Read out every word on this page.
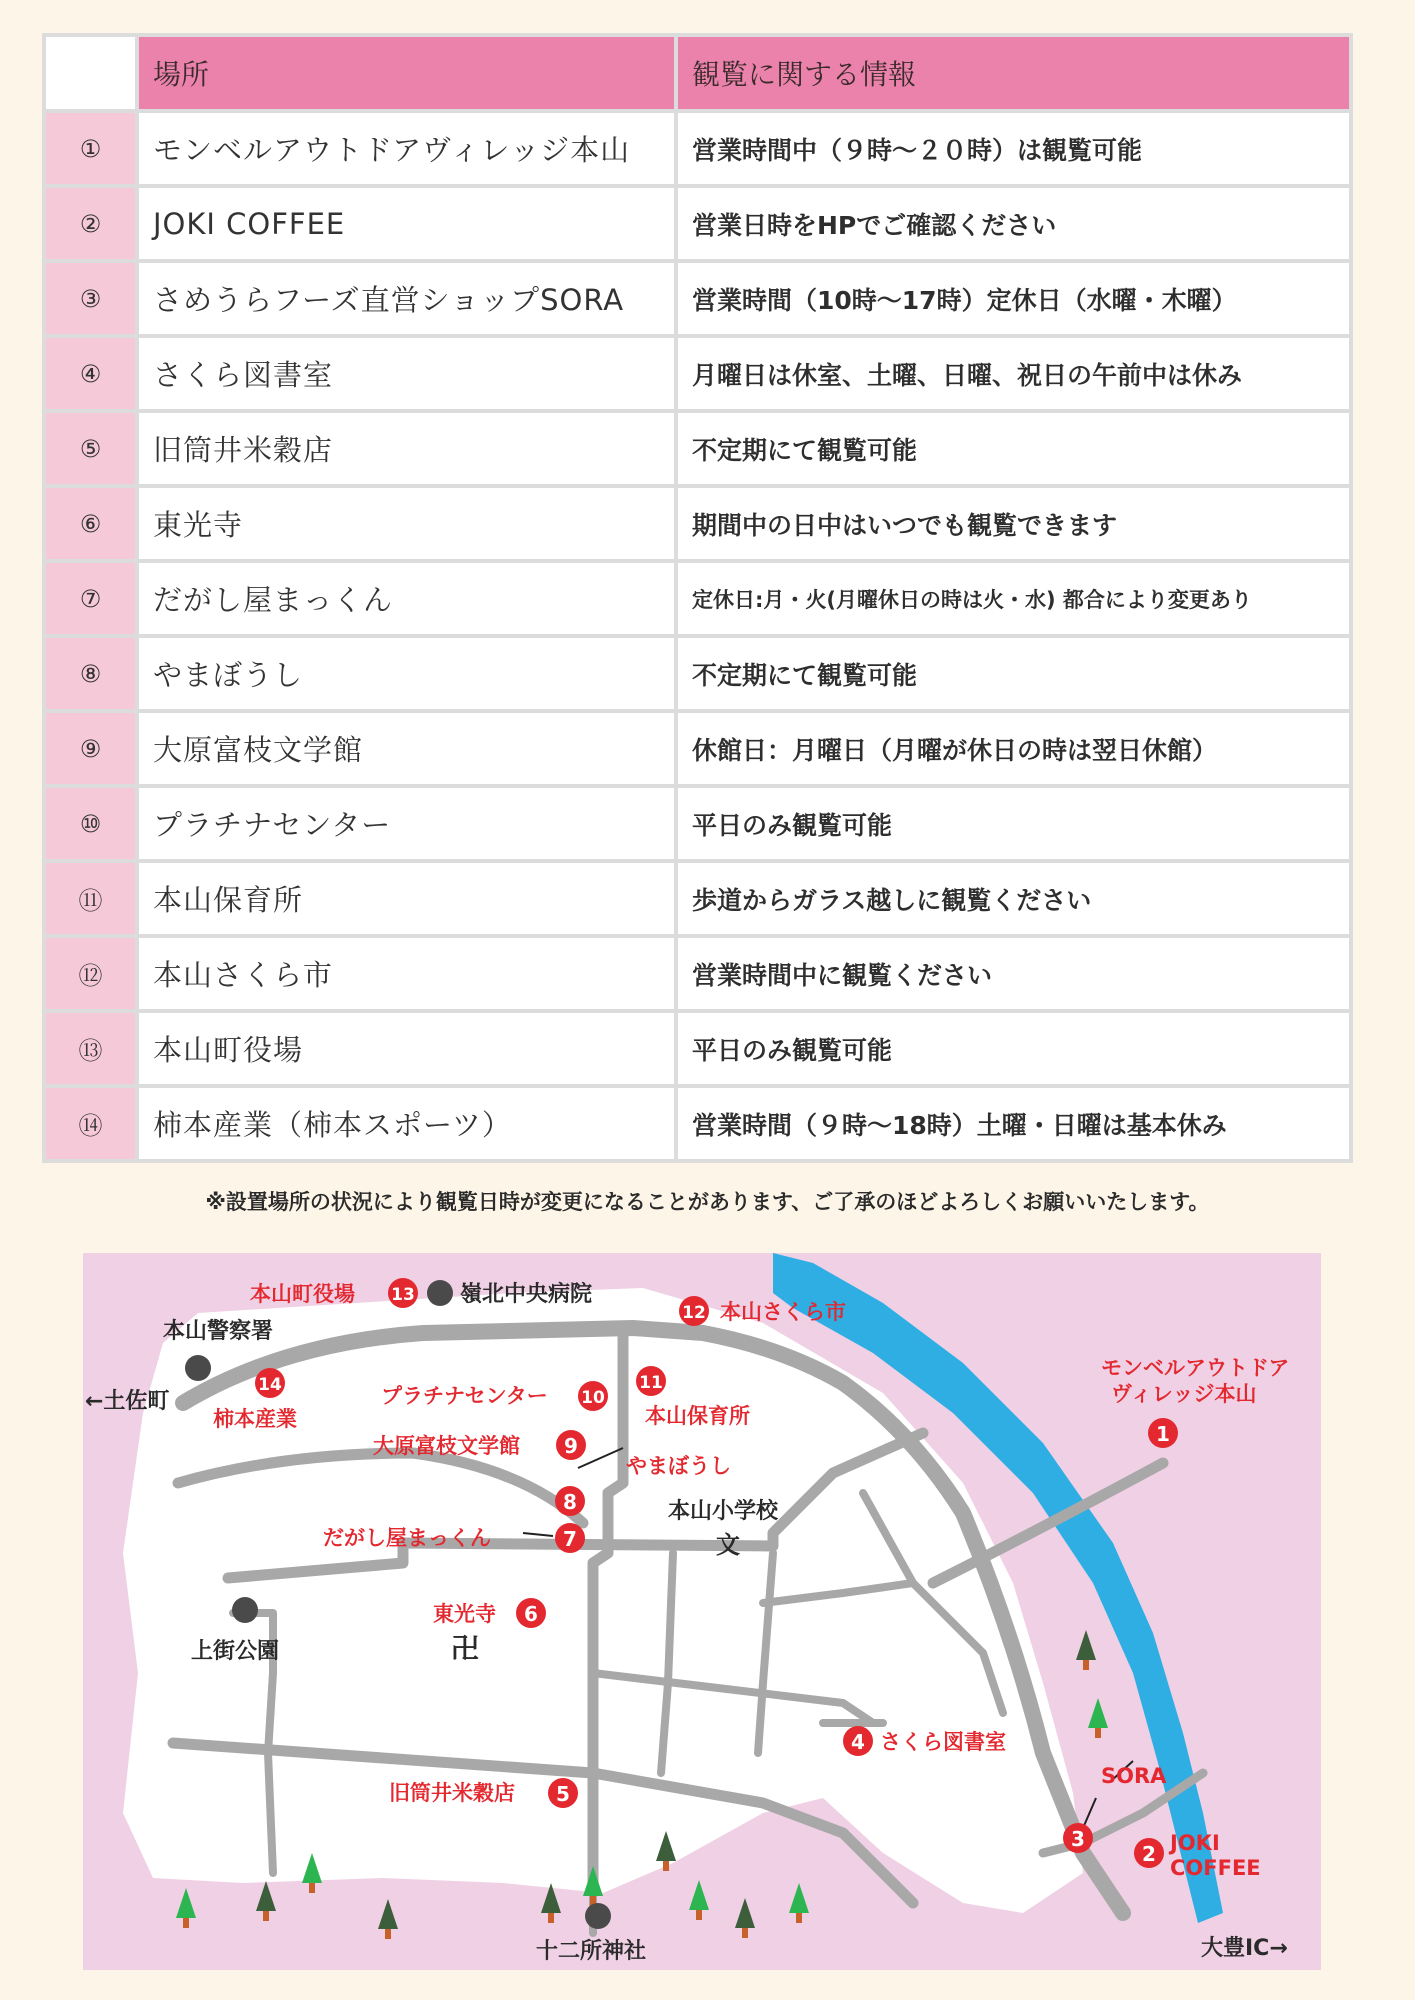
	場所	観覧に関する情報
①	モンベルアウトドアヴィレッジ本山	営業時間中（９時～２０時）は観覧可能
②	JOKI COFFEE	営業日時をHPでご確認ください
③	さめうらフーズ直営ショップSORA	営業時間（10時～17時）定休日（水曜・木曜）
④	さくら図書室	月曜日は休室、土曜、日曜、祝日の午前中は休み
⑤	旧筒井米穀店	不定期にて観覧可能
⑥	東光寺	期間中の日中はいつでも観覧できます
⑦	だがし屋まっくん	定休日:月・火(月曜休日の時は火・水) 都合により変更あり
⑧	やまぼうし	不定期にて観覧可能
⑨	大原富枝文学館	休館日：月曜日（月曜が休日の時は翌日休館）
⑩	プラチナセンター	平日のみ観覧可能
⑪	本山保育所	歩道からガラス越しに観覧ください
⑫	本山さくら市	営業時間中に観覧ください
⑬	本山町役場	平日のみ観覧可能
⑭	柿本産業（柿本スポーツ）	営業時間（９時～18時）土曜・日曜は基本休み
※設置場所の状況により観覧日時が変更になることがあります、ご了承のほどよろしくお願いいたします。
嶺北中央病院
本山警察署
本山小学校
上街公園
十二所神社
文
卍
←土佐町
大豊IC→
1
2
3
4
5
6
7
8
9
10
11
12
13
14
モンベルアウトドア
ヴィレッジ本山
JOKI
COFFEE
SORA
さくら図書室
旧筒井米穀店
東光寺
だがし屋まっくん
やまぼうし
大原富枝文学館
プラチナセンター
本山保育所
本山さくら市
本山町役場
柿本産業
